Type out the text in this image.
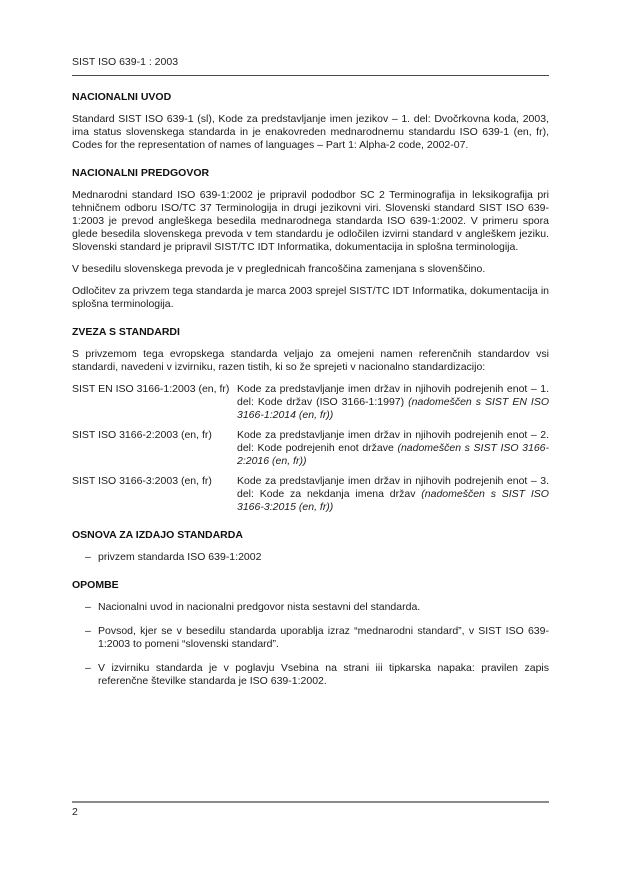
SIST ISO 639-1 : 2003
NACIONALNI UVOD
Standard SIST ISO 639-1 (sl), Kode za predstavljanje imen jezikov – 1. del: Dvočrkovna koda, 2003, ima status slovenskega standarda in je enakovreden mednarodnemu standardu ISO 639-1 (en, fr), Codes for the representation of names of languages – Part 1: Alpha-2 code, 2002-07.
NACIONALNI PREDGOVOR
Mednarodni standard ISO 639-1:2002 je pripravil pododbor SC 2 Terminografija in leksikografija pri tehničnem odboru ISO/TC 37 Terminologija in drugi jezikovni viri. Slovenski standard SIST ISO 639-1:2003 je prevod angleškega besedila mednarodnega standarda ISO 639-1:2002. V primeru spora glede besedila slovenskega prevoda v tem standardu je odločilen izvirni standard v angleškem jeziku. Slovenski standard je pripravil SIST/TC IDT Informatika, dokumentacija in splošna terminologija.
V besedilu slovenskega prevoda je v preglednicah francoščina zamenjana s slovenščino.
Odločitev za privzem tega standarda je marca 2003 sprejel SIST/TC IDT Informatika, dokumentacija in splošna terminologija.
ZVEZA S STANDARDI
S privzemom tega evropskega standarda veljajo za omejeni namen referenčnih standardov vsi standardi, navedeni v izvirniku, razen tistih, ki so že sprejeti v nacionalno standardizacijo:
SIST EN ISO 3166-1:2003 (en, fr) Kode za predstavljanje imen držav in njihovih podrejenih enot – 1. del: Kode držav (ISO 3166-1:1997) (nadomeščen s SIST EN ISO 3166-1:2014 (en, fr))
SIST ISO 3166-2:2003 (en, fr)	Kode za predstavljanje imen držav in njihovih podrejenih enot – 2. del: Kode podrejenih enot države (nadomeščen s SIST ISO 3166-2:2016 (en, fr))
SIST ISO 3166-3:2003 (en, fr)	Kode za predstavljanje imen držav in njihovih podrejenih enot – 3. del: Kode za nekdanja imena držav (nadomeščen s SIST ISO 3166-3:2015 (en, fr))
OSNOVA ZA IZDAJO STANDARDA
– privzem standarda ISO 639-1:2002
OPOMBE
– Nacionalni uvod in nacionalni predgovor nista sestavni del standarda.
– Povsod, kjer se v besedilu standarda uporablja izraz “mednarodni standard”, v SIST ISO 639-1:2003 to pomeni “slovenski standard”.
– V izvirniku standarda je v poglavju Vsebina na strani iii tipkarska napaka: pravilen zapis referenčne številke standarda je ISO 639-1:2002.
2
